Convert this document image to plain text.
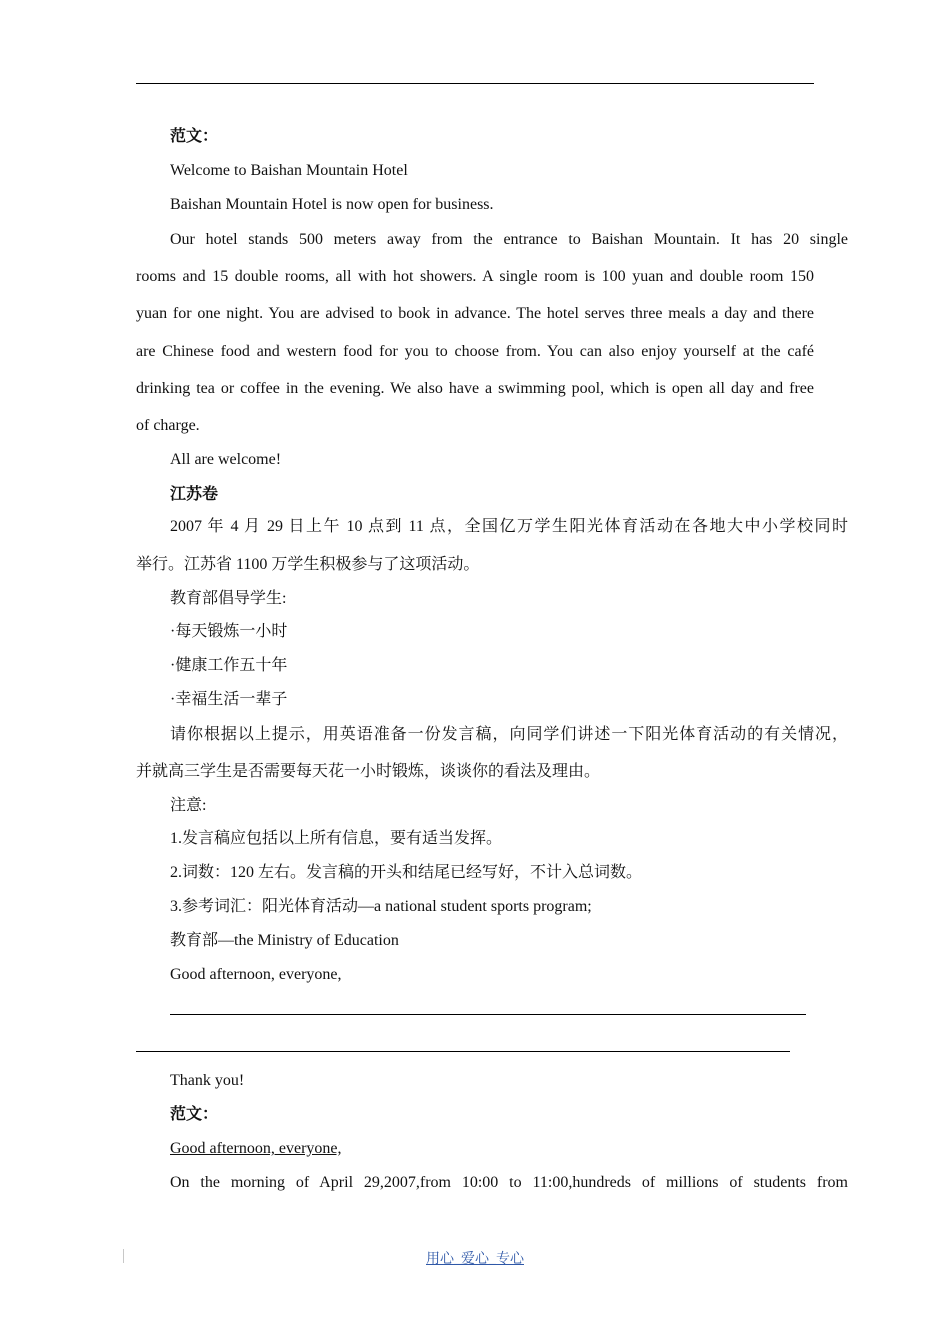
范文：
Welcome to Baishan Mountain Hotel
Baishan Mountain Hotel is now open for business.
Our hotel stands 500 meters away from the entrance to Baishan Mountain. It has 20 single
rooms and 15 double rooms, all with hot showers. A single room is 100 yuan and double room 150
yuan for one night. You are advised to book in advance. The hotel serves three meals a day and there
are Chinese food and western food for you to choose from. You can also enjoy yourself at the café
drinking tea or coffee in the evening. We also have a swimming pool, which is open all day and free
of charge.
All are welcome!
江苏卷
2007 年 4 月 29 日上午 10 点到 11 点，全国亿万学生阳光体育活动在各地大中小学校同时
举行。江苏省 1100 万学生积极参与了这项活动。
教育部倡导学生:
·每天锻炼一小时
·健康工作五十年
·幸福生活一辈子
请你根据以上提示，用英语准备一份发言稿，向同学们讲述一下阳光体育活动的有关情况，
并就高三学生是否需要每天花一小时锻炼，谈谈你的看法及理由。
注意:
1.发言稿应包括以上所有信息，要有适当发挥。
2.词数：120 左右。发言稿的开头和结尾已经写好，不计入总词数。
3.参考词汇：阳光体育活动—a national student sports program;
教育部—the Ministry of Education
Good afternoon, everyone,
Thank you!
范文：
Good afternoon, everyone,
On the morning of April 29,2007,from 10:00 to 11:00,hundreds of millions of students from
用心_爱心_专心
